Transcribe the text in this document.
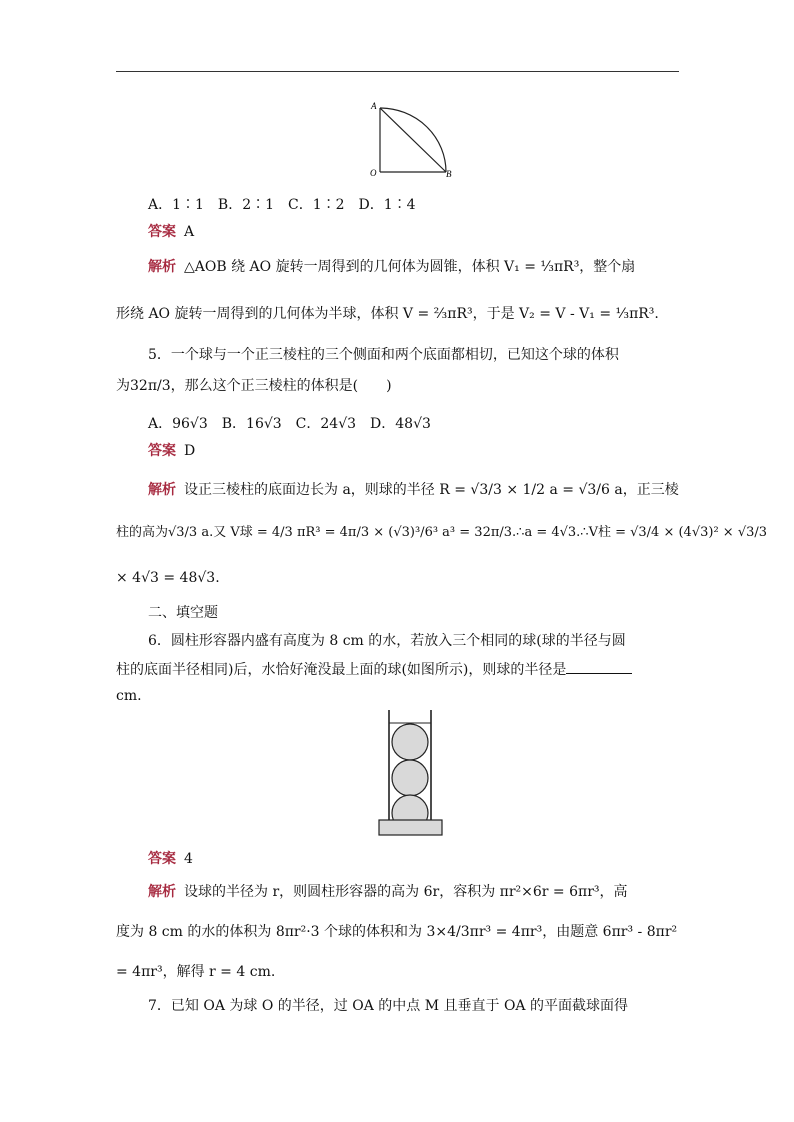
A
O	B
A．1∶1　B．2∶1　C．1∶2　D．1∶4
答案 A
解析 △AOB 绕 AO 旋转一周得到的几何体为圆锥，体积 V₁ = ⅓πR³，整个扇
形绕 AO 旋转一周得到的几何体为半球，体积 V = ⅔πR³，于是 V₂ = V - V₁ = ⅓πR³.
5．一个球与一个正三棱柱的三个侧面和两个底面都相切，已知这个球的体积
为32π/3，那么这个正三棱柱的体积是(　　)
A．96√3　B．16√3　C．24√3　D．48√3
答案 D
解析 设正三棱柱的底面边长为 a，则球的半径 R = √3/3 × 1/2 a = √3/6 a，正三棱
柱的高为√3/3 a.又 V球 = 4/3 πR³ = 4π/3 × (√3)³/6³ a³ = 32π/3.∴a = 4√3.∴V柱 = √3/4 × (4√3)² × √3/3
× 4√3 = 48√3.
二、填空题
6．圆柱形容器内盛有高度为 8 cm 的水，若放入三个相同的球(球的半径与圆
柱的底面半径相同)后，水恰好淹没最上面的球(如图所示)，则球的半径是
cm.
答案 4
解析 设球的半径为 r，则圆柱形容器的高为 6r，容积为 πr²×6r = 6πr³，高
度为 8 cm 的水的体积为 8πr²·3 个球的体积和为 3×4/3πr³ = 4πr³，由题意 6πr³ - 8πr²
= 4πr³，解得 r = 4 cm.
7．已知 OA 为球 O 的半径，过 OA 的中点 M 且垂直于 OA 的平面截球面得
